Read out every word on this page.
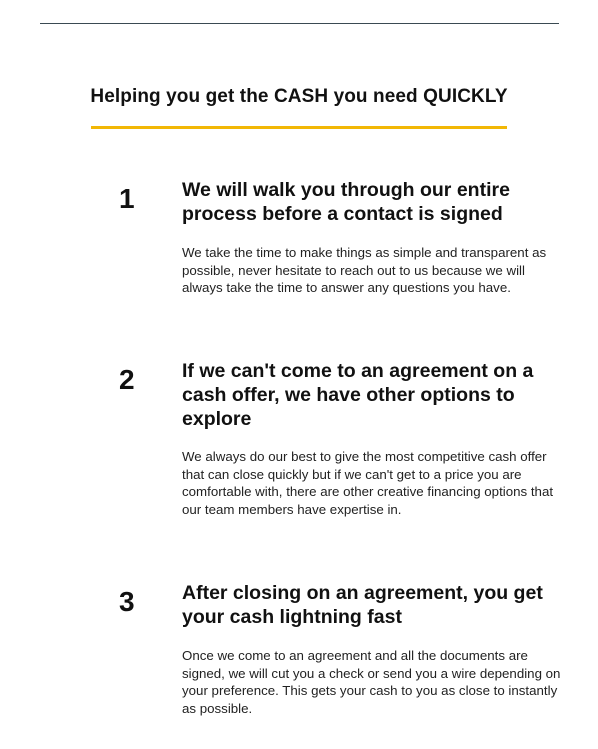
Helping you get the CASH you need QUICKLY
1 We will walk you through our entire process before a contact is signed

We take the time to make things as simple and transparent as possible, never hesitate to reach out to us because we will always take the time to answer any questions you have.

2 If we can't come to an agreement on a cash offer, we have other options to explore

We always do our best to give the most competitive cash offer that can close quickly but if we can't get to a price you are comfortable with, there are other creative financing options that our team members have expertise in.

3 After closing on an agreement, you get your cash lightning fast

Once we come to an agreement and all the documents are signed, we will cut you a check or send you a wire depending on your preference. This gets your cash to you as close to instantly as possible.
